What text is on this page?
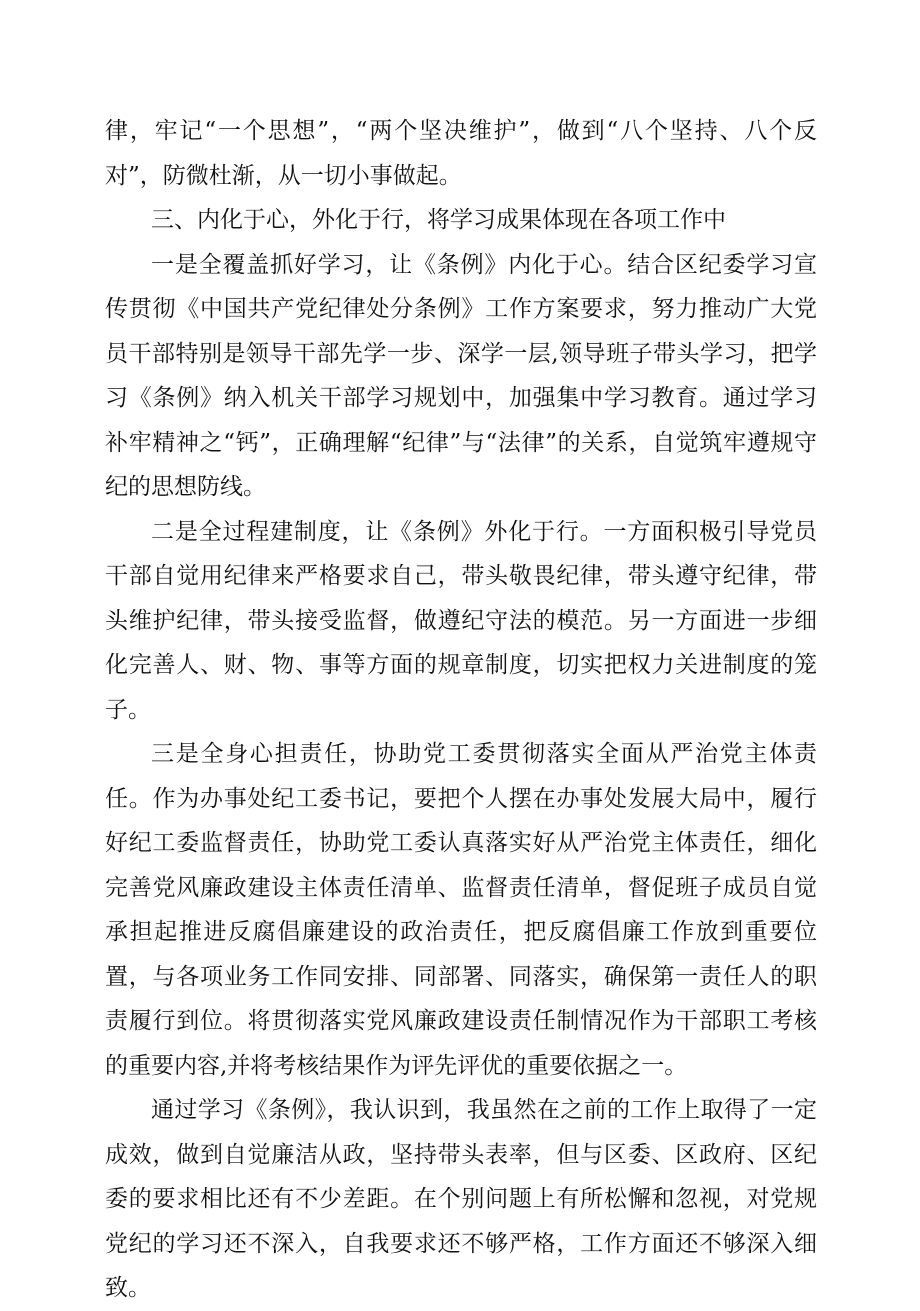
律，牢记“一个思想”，“两个坚决维护”，做到“八个坚持、八个反对”，防微杜渐，从一切小事做起。

三、内化于心，外化于行，将学习成果体现在各项工作中

一是全覆盖抓好学习，让《条例》内化于心。结合区纪委学习宣传贯彻《中国共产党纪律处分条例》工作方案要求，努力推动广大党员干部特别是领导干部先学一步、深学一层,领导班子带头学习，把学习《条例》纳入机关干部学习规划中，加强集中学习教育。通过学习补牢精神之“钙”，正确理解“纪律”与“法律”的关系，自觉筑牢遵规守纪的思想防线。

二是全过程建制度，让《条例》外化于行。一方面积极引导党员干部自觉用纪律来严格要求自己，带头敬畏纪律，带头遵守纪律，带头维护纪律，带头接受监督，做遵纪守法的模范。另一方面进一步细化完善人、财、物、事等方面的规章制度，切实把权力关进制度的笼子。

三是全身心担责任，协助党工委贯彻落实全面从严治党主体责任。作为办事处纪工委书记，要把个人摆在办事处发展大局中，履行好纪工委监督责任，协助党工委认真落实好从严治党主体责任，细化完善党风廉政建设主体责任清单、监督责任清单，督促班子成员自觉承担起推进反腐倡廉建设的政治责任，把反腐倡廉工作放到重要位置，与各项业务工作同安排、同部署、同落实，确保第一责任人的职责履行到位。将贯彻落实党风廉政建设责任制情况作为干部职工考核的重要内容,并将考核结果作为评先评优的重要依据之一。

通过学习《条例》，我认识到，我虽然在之前的工作上取得了一定成效，做到自觉廉洁从政，坚持带头表率，但与区委、区政府、区纪委的要求相比还有不少差距。在个别问题上有所松懈和忽视，对党规党纪的学习还不深入，自我要求还不够严格，工作方面还不够深入细致。
